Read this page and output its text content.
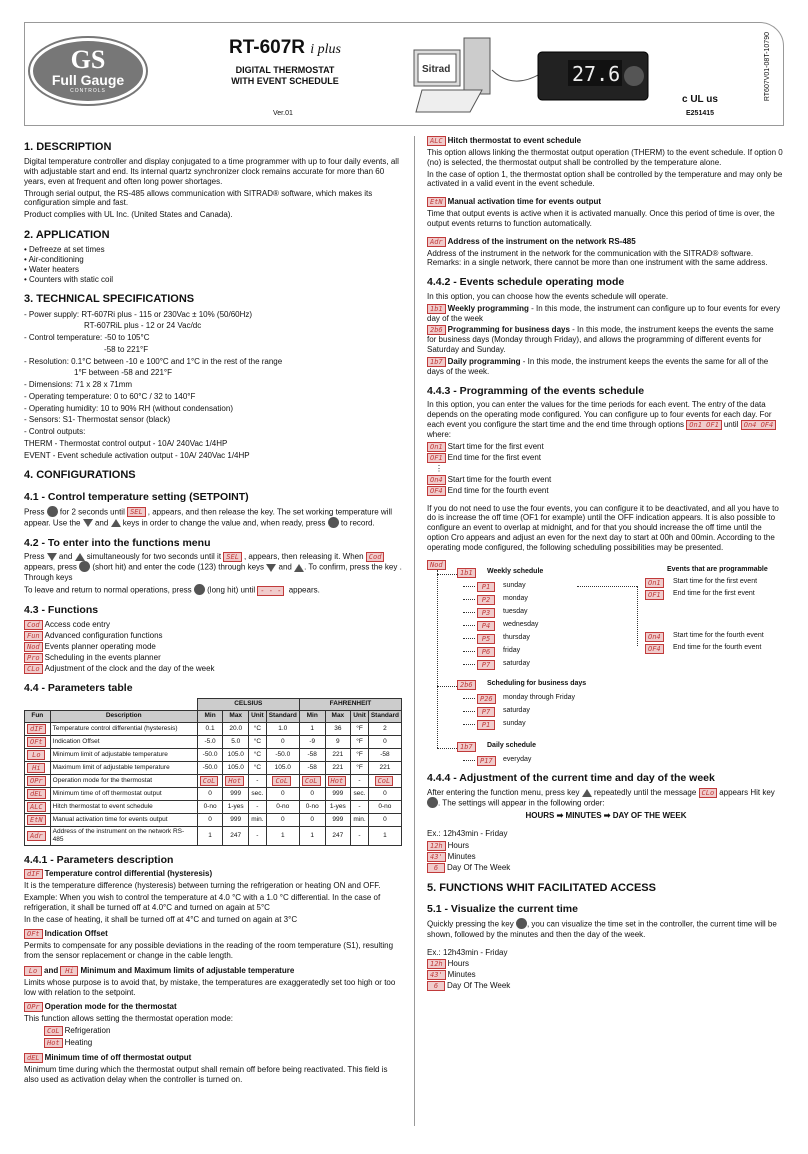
GS
Full Gauge
CONTROLS
RT-607R i plus
DIGITAL THERMOSTAT
WITH EVENT SCHEDULE
Ver.01
Sitrad	27.6
c UL us
E251415
RT607V01-08T-10790
1. DESCRIPTION

Digital temperature controller and display conjugated to a time programmer with up to four daily events, all with adjustable start and end. Its internal quartz synchronizer clock remains accurate for more than 60 years, even at frequent and often long power shortages.

Through serial output, the RS-485 allows communication with SITRAD® software, which makes its configuration simple and fast.

Product complies with UL Inc. (United States and Canada).

2. APPLICATION
• Defreeze at set times
• Air-conditioning
• Water heaters
• Counters with static coil
3. TECHNICAL SPECIFICATIONS

- Power supply: RT-607Ri plus - 115 or 230Vac ± 10% (50/60Hz)

RT-607RiL plus - 12 or 24 Vac/dc

- Control temperature: -50 to 105°C

-58 to 221°F

- Resolution: 0.1°C between -10 e 100°C and 1°C in the rest of the range

1°F between -58 and 221°F

- Dimensions: 71 x 28 x 71mm

- Operating temperature: 0 to 60°C / 32 to 140°F

- Operating humidity: 10 to 90% RH (without condensation)

- Sensors: S1- Thermostat sensor (black)

- Control outputs:

THERM - Thermostat control output - 10A/ 240Vac 1/4HP

EVENT - Event schedule activation output - 10A/ 240Vac 1/4HP

4. CONFIGURATIONS
4.1 - Control temperature setting (SETPOINT)

Press for 2 seconds until SEL , appears, and then release the key. The set working temperature will appear. Use the and keys in order to change the value and, when ready, press to record.

4.2 - To enter into the functions menu

Press and simultaneously for two seconds until it SEL , appears, then releasing it. When Codappears, press (short hit) and enter the code (123) through keys and . To confirm, press the key . Through keys

To leave and return to normal operations, press (long hit) until - - - appears.

4.3 - Functions
Cod Access code entry
Fun Advanced configuration functions
Nod Events planner operating mode
Pro Scheduling in the events planner
CLo Adjustment of the clock and the day of the week
4.4 - Parameters table
		CELSIUS				FAHRENHEIT			
Fun	Description	Min	Max	Unit	Standard	Min	Max	Unit	Standard
dIF	Temperature control differential (hysteresis)	0.1	20.0	°C	1.0	1	36	°F	2
OFt	Indication Offset	-5.0	5.0	°C	0	-9	9	°F	0
Lo	Minimum limit of adjustable temperature	-50.0	105.0	°C	-50.0	-58	221	°F	-58
Hi	Maximum limit of adjustable temperature	-50.0	105.0	°C	105.0	-58	221	°F	221
OPr	Operation mode for the thermostat	CoL	Hot	-	CoL	CoL	Hot	-	CoL
dEL	Minimum time of off thermostat output	0	999	sec.	0	0	999	sec.	0
ALC	Hitch thermostat to event schedule	0-no	1-yes	-	0-no	0-no	1-yes	-	0-no
EtN	Manual activation time for events output	0	999	min.	0	0	999	min.	0
Adr	Address of the instrument on the network RS-485	1	247	-	1	1	247	-	1
4.4.1 - Parameters description

dIF Temperature control differential (hysteresis)

It is the temperature difference (hysteresis) between turning the refrigeration or heating ON and OFF.

Example: When you wish to control the temperature at 4.0 °C with a 1.0 °C differential. In the case of refrigeration, it shall be turned off at 4.0°C and turned on again at 5°C

In the case of heating, it shall be turned off at 4°C and turned on again at 3°C

OFt Indication Offset

Permits to compensate for any possible deviations in the reading of the room temperature (S1), resulting from the sensor replacement or change in the cable length.

Lo and Hi Minimum and Maximum limits of adjustable temperature

Limits whose purpose is to avoid that, by mistake, the temperatures are exaggeratedly set too high or too low with relation to the setpoint.

OPr Operation mode for the thermostat

This function allows setting the thermostat operation mode:

CoL Refrigeration

Hot Heating

dEL Minimum time of off thermostat output

Minimum time during which the thermostat output shall remain off before being reactivated. This field is also used as activation delay when the controller is turned on.

ALC Hitch thermostat to event schedule

This option allows linking the thermostat output operation (THERM) to the event schedule. If option 0 (no) is selected, the thermostat output shall be controlled by the temperature alone.

In the case of option 1, the thermostat option shall be controlled by the temperature and may only be activated in a valid event in the event schedule.

EtN Manual activation time for events output

Time that output events is active when it is activated manually. Once this period of time is over, the output events returns to function automatically.

Adr Address of the instrument on the network RS-485

Address of the instrument in the network for the communication with the SITRAD® software. Remarks: in a single network, there cannot be more than one instrument with the same address.

4.4.2 - Events schedule operating mode

In this option, you can choose how the events schedule will operate.

1b1 Weekly programming - In this mode, the instrument can configure up to four events for every day of the week

2b6 Programming for business days - In this mode, the instrument keeps the events the same for business days (Monday through Friday), and allows the programming of different events for Saturday and Sunday.

1b7 Daily programming - In this mode, the instrument keeps the events the same for all of the days of the week.

4.4.3 - Programming of the events schedule

In this option, you can enter the values for the time periods for each event. The entry of the data depends on the operating mode configured. You can configure up to four events for each day. For each event you configure the start time and the end time through options On1 OF1 until On4 OF4where:

On1 Start time for the first event
OF1 End time for the first event
⋮
On4 Start time for the fourth event
OF4 End time for the fourth event

If you do not need to use the four events, you can configure it to be deactivated, and all you have to do is increase the off time (OF1 for example) until the OFF indication appears. It is also possible to configure an event to overlap at midnight, and for that you should increase the off time until the option Cro appears and adjust an even for the next day to start at 00h and 00min. According to the operating mode configured, the following scheduling possibilities may be presented.

Nod
1b1	Weekly schedule	Events that are programmable
P1	sunday
P2	monday
P3	tuesday
P4	wednesday
P5	thursday
P6	friday
P7	saturday
2b6	Scheduling for business days
P26	monday through Friday
P7	saturday
P1	sunday
1b7	Daily schedule
P17	everyday
On1	Start time for the first event
OF1	End time for the first event
On4	Start time for the fourth event
OF4	End time for the fourth event
4.4.4 - Adjustment of the current time and day of the week

After entering the function menu, press key repeatedly until the message CLo appears Hit key . The settings will appear in the following order:

HOURS ➡ MINUTES ➡ DAY OF THE WEEK

Ex.: 12h43min - Friday

12h Hours
43' Minutes
6	Day Of The Week
5. FUNCTIONS WHIT FACILITATED ACCESS
5.1 - Visualize the current time

Quickly pressing the key , you can visualize the time set in the controller, the current time will be shown, followed by the minutes and then the day of the week.

Ex.: 12h43min - Friday

12h Hours
43' Minutes
6	Day Of The Week
